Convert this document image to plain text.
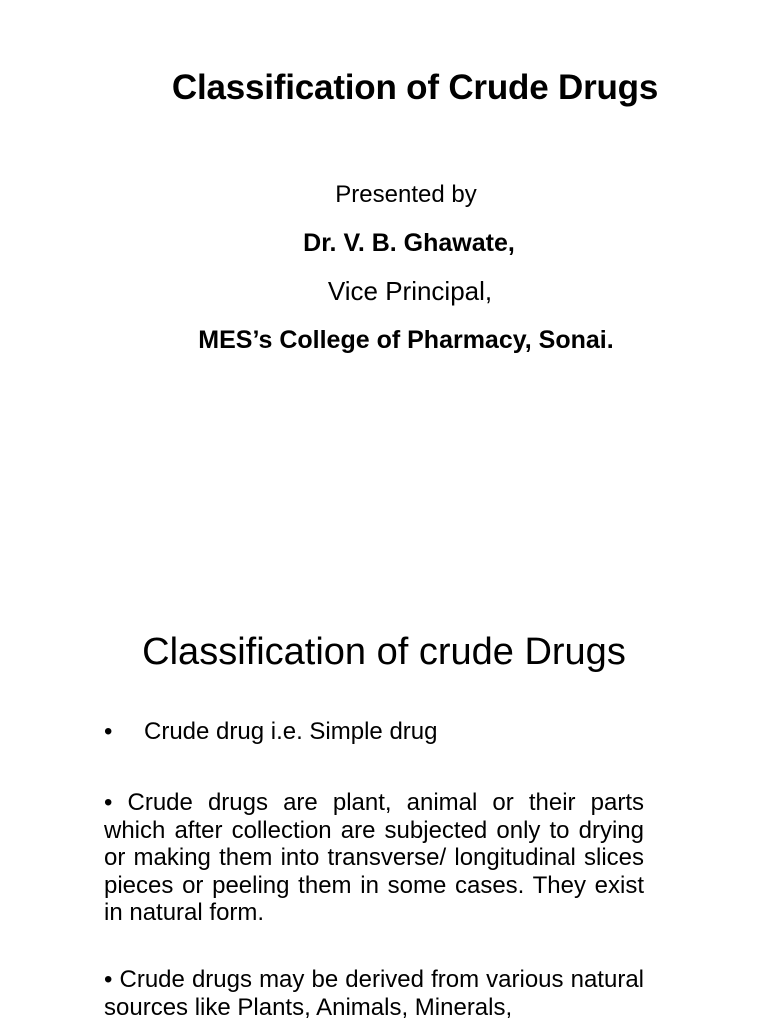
Classification of Crude Drugs
Presented by
Dr. V. B. Ghawate,
Vice Principal,
MES’s College of Pharmacy, Sonai.
Classification of crude Drugs
•	Crude drug i.e. Simple drug
• Crude drugs are plant, animal or their parts which after collection are subjected only to drying or making them into transverse/ longitudinal slices pieces or peeling them in some cases. They exist in natural form.
• Crude drugs may be derived from various natural sources like Plants, Animals, Minerals,
